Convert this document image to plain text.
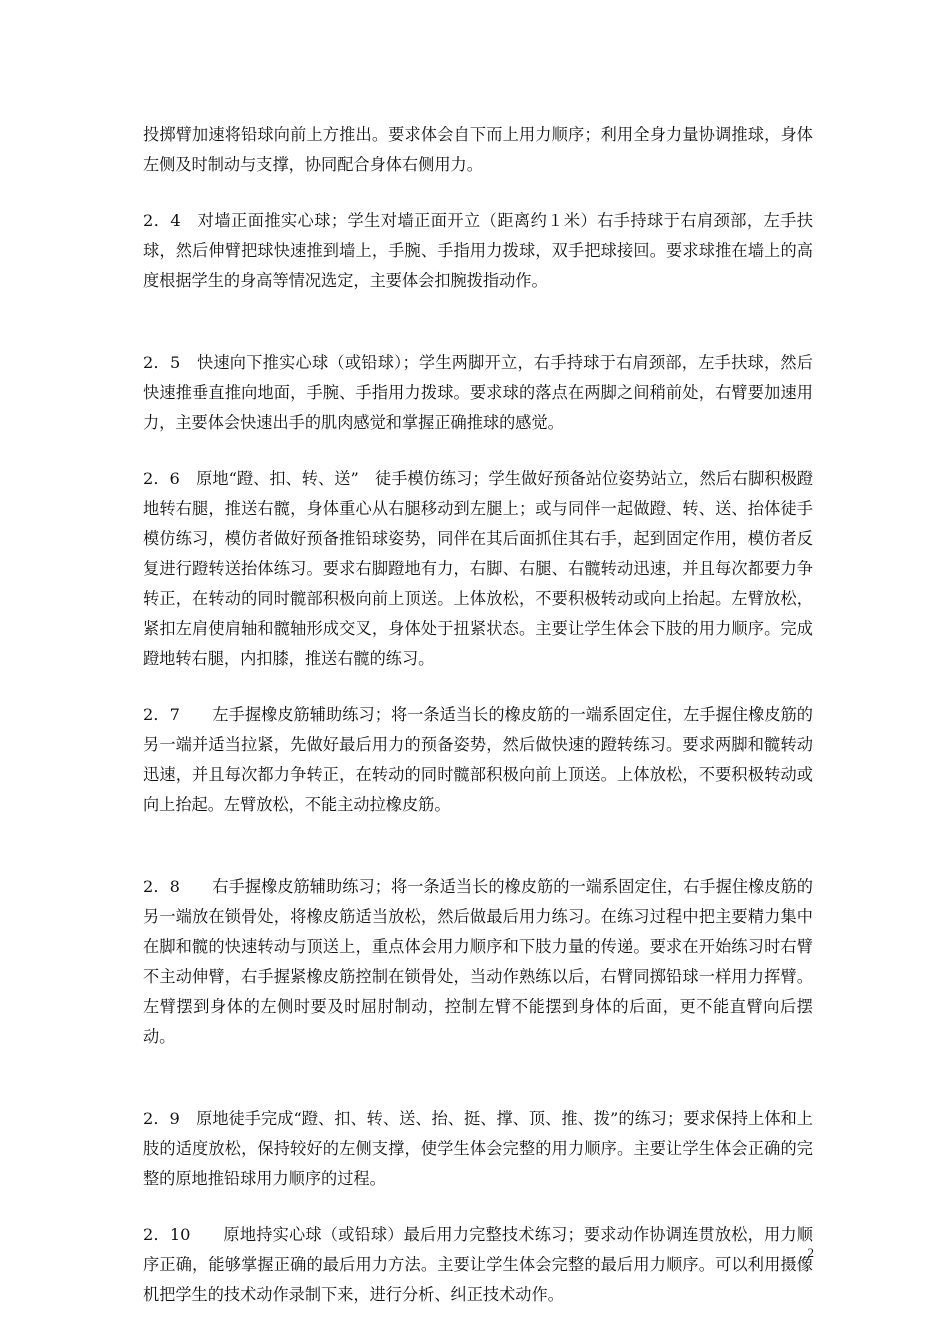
投掷臂加速将铅球向前上方推出。要求体会自下而上用力顺序；利用全身力量协调推球，身体左侧及时制动与支撑，协同配合身体右侧用力。

2．4　对墙正面推实心球；学生对墙正面开立（距离约１米）右手持球于右肩颈部，左手扶球，然后伸臂把球快速推到墙上，手腕、手指用力拨球，双手把球接回。要求球推在墙上的高度根据学生的身高等情况选定，主要体会扣腕拨指动作。

2．5　快速向下推实心球（或铅球）；学生两脚开立，右手持球于右肩颈部，左手扶球，然后快速推垂直推向地面，手腕、手指用力拨球。要求球的落点在两脚之间稍前处，右臂要加速用力，主要体会快速出手的肌肉感觉和掌握正确推球的感觉。

2．6　原地“蹬、扣、转、送”　徒手模仿练习；学生做好预备站位姿势站立，然后右脚积极蹬地转右腿，推送右髋，身体重心从右腿移动到左腿上；或与同伴一起做蹬、转、送、抬体徒手模仿练习，模仿者做好预备推铅球姿势，同伴在其后面抓住其右手，起到固定作用，模仿者反复进行蹬转送抬体练习。要求右脚蹬地有力，右脚、右腿、右髋转动迅速，并且每次都要力争转正，在转动的同时髋部积极向前上顶送。上体放松，不要积极转动或向上抬起。左臂放松，紧扣左肩使肩轴和髋轴形成交叉，身体处于扭紧状态。主要让学生体会下肢的用力顺序。完成蹬地转右腿，内扣膝，推送右髋的练习。

2．7　　左手握橡皮筋辅助练习；将一条适当长的橡皮筋的一端系固定住，左手握住橡皮筋的另一端并适当拉紧，先做好最后用力的预备姿势，然后做快速的蹬转练习。要求两脚和髋转动迅速，并且每次都力争转正，在转动的同时髋部积极向前上顶送。上体放松，不要积极转动或向上抬起。左臂放松，不能主动拉橡皮筋。

2．8　　右手握橡皮筋辅助练习；将一条适当长的橡皮筋的一端系固定住，右手握住橡皮筋的另一端放在锁骨处，将橡皮筋适当放松，然后做最后用力练习。在练习过程中把主要精力集中在脚和髋的快速转动与顶送上，重点体会用力顺序和下肢力量的传递。要求在开始练习时右臂不主动伸臂，右手握紧橡皮筋控制在锁骨处，当动作熟练以后，右臂同掷铅球一样用力挥臂。左臂摆到身体的左侧时要及时屈肘制动，控制左臂不能摆到身体的后面，更不能直臂向后摆动。

2．9　原地徒手完成“蹬、扣、转、送、抬、挺、撑、顶、推、拨”的练习；要求保持上体和上肢的适度放松，保持较好的左侧支撑，使学生体会完整的用力顺序。主要让学生体会正确的完整的原地推铅球用力顺序的过程。

2．10　　原地持实心球（或铅球）最后用力完整技术练习；要求动作协调连贯放松，用力顺序正确，能够掌握正确的最后用力方法。主要让学生体会完整的最后用力顺序。可以利用摄像机把学生的技术动作录制下来，进行分析、纠正技术动作。

2
